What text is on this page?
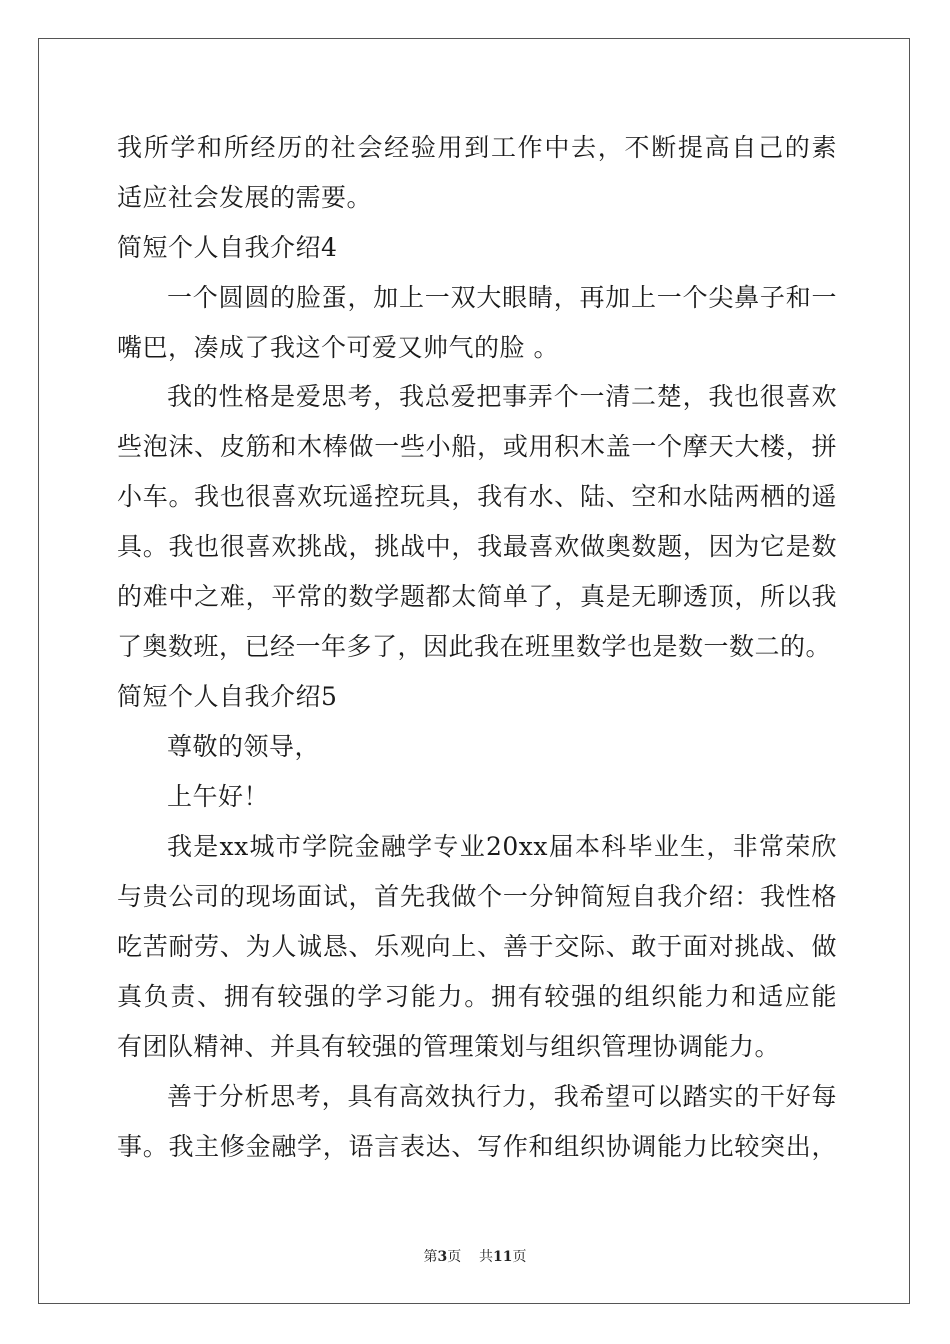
我所学和所经历的社会经验用到工作中去，不断提高自己的素
适应社会发展的需要。
简短个人自我介绍4
一个圆圆的脸蛋，加上一双大眼睛，再加上一个尖鼻子和一
嘴巴，凑成了我这个可爱又帅气的脸 。
我的性格是爱思考，我总爱把事弄个一清二楚，我也很喜欢
些泡沫、皮筋和木棒做一些小船，或用积木盖一个摩天大楼，拼
小车。我也很喜欢玩遥控玩具，我有水、陆、空和水陆两栖的遥
具。我也很喜欢挑战，挑战中，我最喜欢做奥数题，因为它是数
的难中之难，平常的数学题都太简单了，真是无聊透顶，所以我
了奥数班，已经一年多了，因此我在班里数学也是数一数二的。
简短个人自我介绍5
尊敬的领导，
上午好！
我是xx城市学院金融学专业20xx届本科毕业生，非常荣欣
与贵公司的现场面试，首先我做个一分钟简短自我介绍：我性格
吃苦耐劳、为人诚恳、乐观向上、善于交际、敢于面对挑战、做
真负责、拥有较强的学习能力。拥有较强的组织能力和适应能
有团队精神、并具有较强的管理策划与组织管理协调能力。
善于分析思考，具有高效执行力，我希望可以踏实的干好每
事。我主修金融学，语言表达、写作和组织协调能力比较突出，
第3页 共11页
